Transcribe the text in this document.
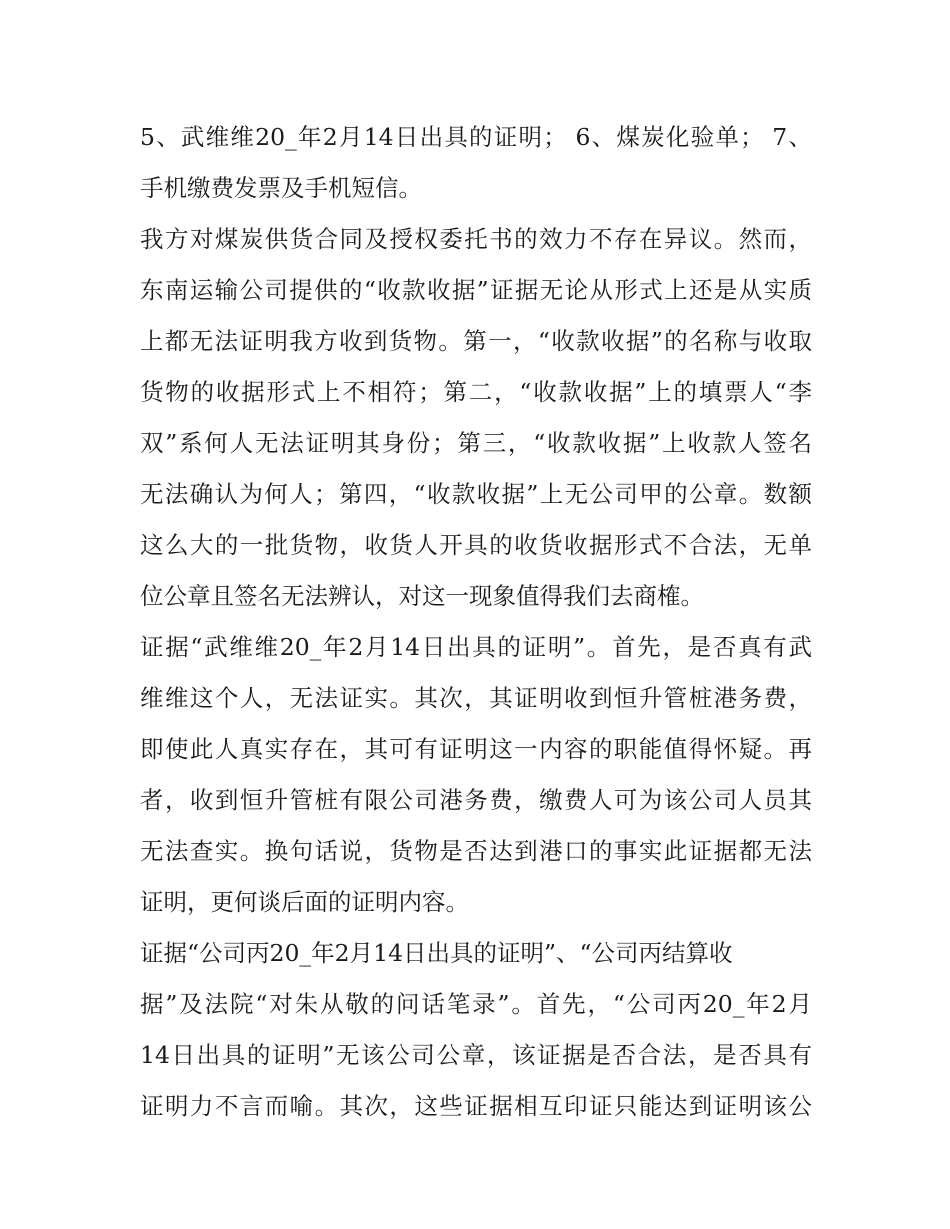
5、武维维20_年2月14日出具的证明； 6、煤炭化验单； 7、
手机缴费发票及手机短信。
我方对煤炭供货合同及授权委托书的效力不存在异议。然而，
东南运输公司提供的“收款收据”证据无论从形式上还是从实质
上都无法证明我方收到货物。第一，“收款收据”的名称与收取
货物的收据形式上不相符；第二，“收款收据”上的填票人“李
双”系何人无法证明其身份；第三，“收款收据”上收款人签名
无法确认为何人；第四，“收款收据”上无公司甲的公章。数额
这么大的一批货物，收货人开具的收货收据形式不合法，无单
位公章且签名无法辨认，对这一现象值得我们去商榷。
证据“武维维20_年2月14日出具的证明”。首先，是否真有武
维维这个人，无法证实。其次，其证明收到恒升管桩港务费，
即使此人真实存在，其可有证明这一内容的职能值得怀疑。再
者，收到恒升管桩有限公司港务费，缴费人可为该公司人员其
无法查实。换句话说，货物是否达到港口的事实此证据都无法
证明，更何谈后面的证明内容。
证据“公司丙20_年2月14日出具的证明”、“公司丙结算收
据”及法院“对朱从敬的问话笔录”。首先，“公司丙20_年2月
14日出具的证明”无该公司公章，该证据是否合法，是否具有
证明力不言而喻。其次，这些证据相互印证只能达到证明该公
